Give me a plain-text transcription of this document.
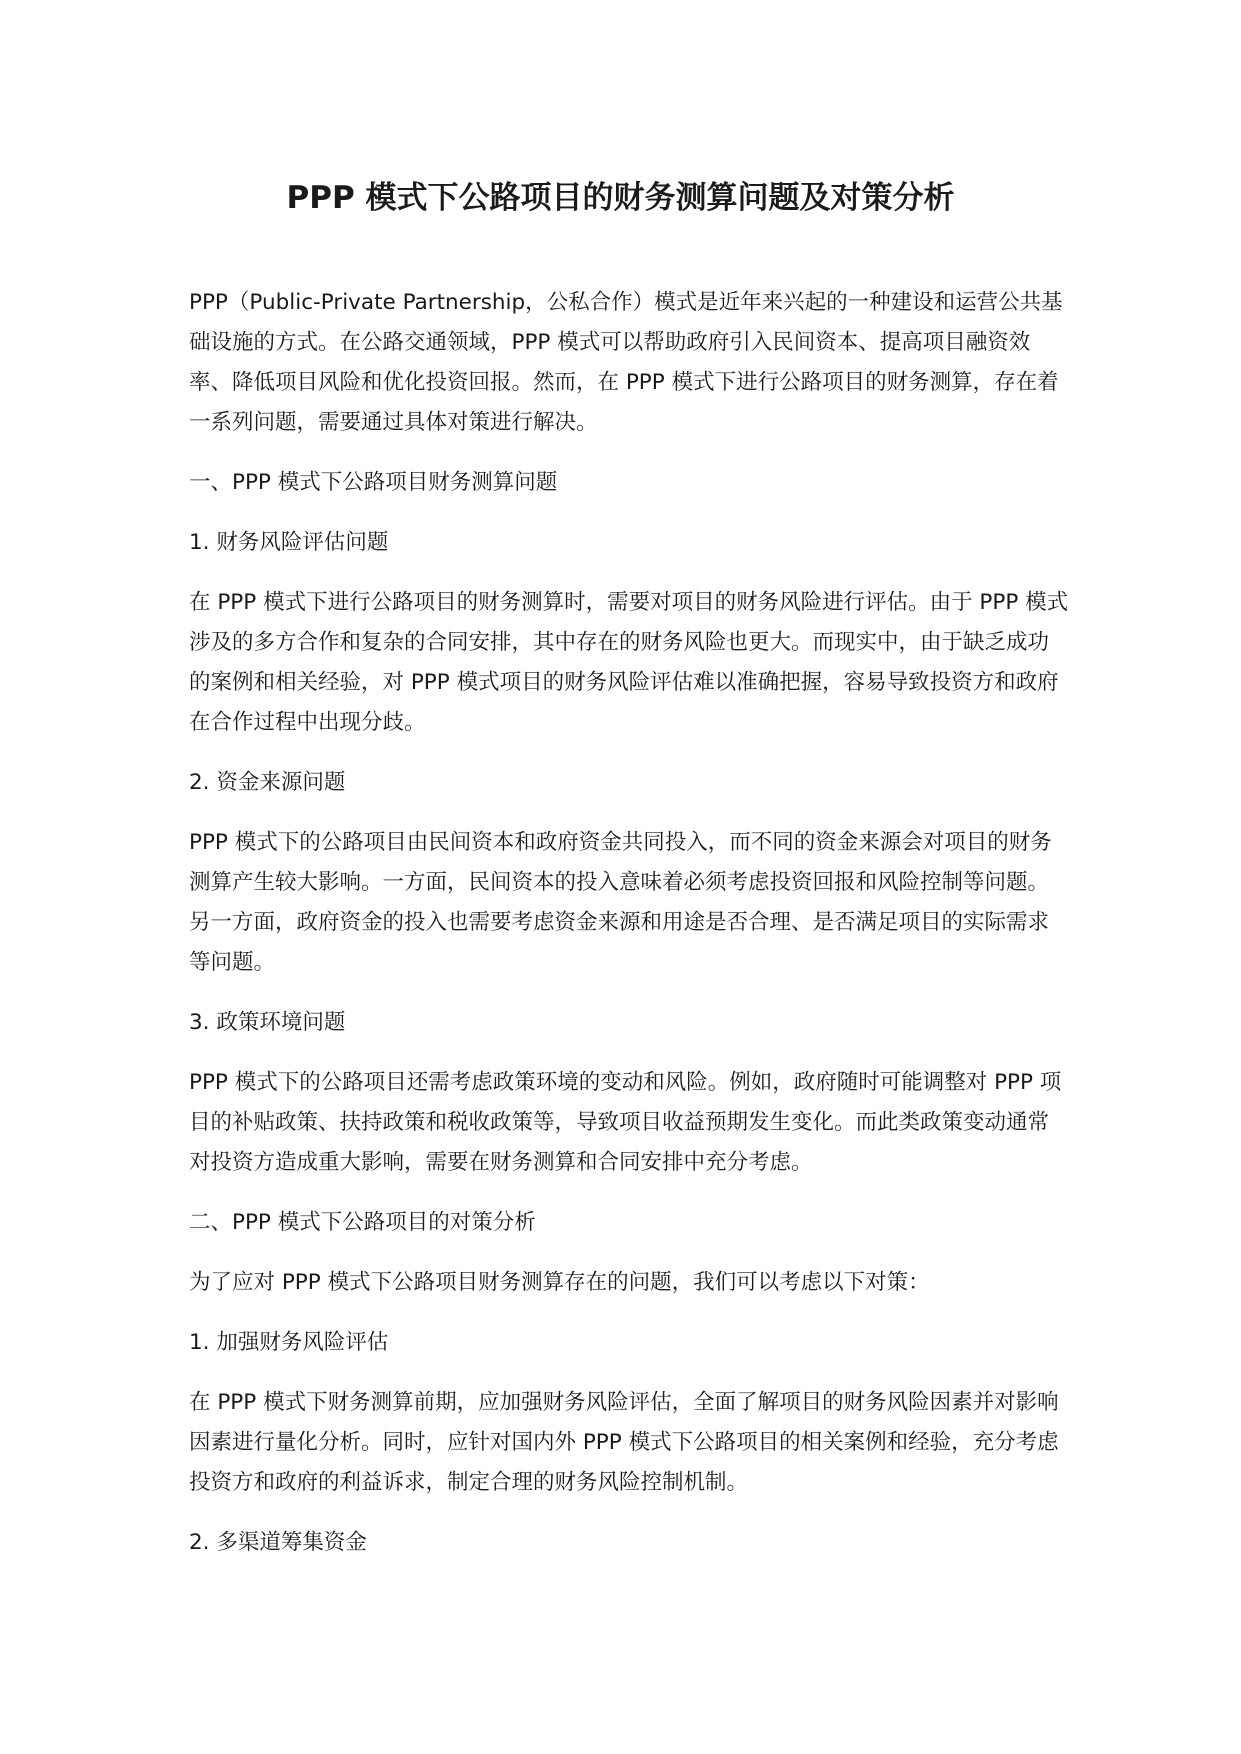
PPP 模式下公路项目的财务测算问题及对策分析

PPP（Public-Private Partnership，公私合作）模式是近年来兴起的一种建设和运营公共基础设施的方式。在公路交通领域，PPP 模式可以帮助政府引入民间资本、提高项目融资效率、降低项目风险和优化投资回报。然而，在 PPP 模式下进行公路项目的财务测算，存在着一系列问题，需要通过具体对策进行解决。

一、PPP 模式下公路项目财务测算问题

1. 财务风险评估问题

在 PPP 模式下进行公路项目的财务测算时，需要对项目的财务风险进行评估。由于 PPP 模式涉及的多方合作和复杂的合同安排，其中存在的财务风险也更大。而现实中，由于缺乏成功的案例和相关经验，对 PPP 模式项目的财务风险评估难以准确把握，容易导致投资方和政府在合作过程中出现分歧。

2. 资金来源问题

PPP 模式下的公路项目由民间资本和政府资金共同投入，而不同的资金来源会对项目的财务测算产生较大影响。一方面，民间资本的投入意味着必须考虑投资回报和风险控制等问题。另一方面，政府资金的投入也需要考虑资金来源和用途是否合理、是否满足项目的实际需求等问题。

3. 政策环境问题

PPP 模式下的公路项目还需考虑政策环境的变动和风险。例如，政府随时可能调整对 PPP 项目的补贴政策、扶持政策和税收政策等，导致项目收益预期发生变化。而此类政策变动通常对投资方造成重大影响，需要在财务测算和合同安排中充分考虑。

二、PPP 模式下公路项目的对策分析

为了应对 PPP 模式下公路项目财务测算存在的问题，我们可以考虑以下对策：

1. 加强财务风险评估

在 PPP 模式下财务测算前期，应加强财务风险评估，全面了解项目的财务风险因素并对影响因素进行量化分析。同时，应针对国内外 PPP 模式下公路项目的相关案例和经验，充分考虑投资方和政府的利益诉求，制定合理的财务风险控制机制。

2. 多渠道筹集资金
